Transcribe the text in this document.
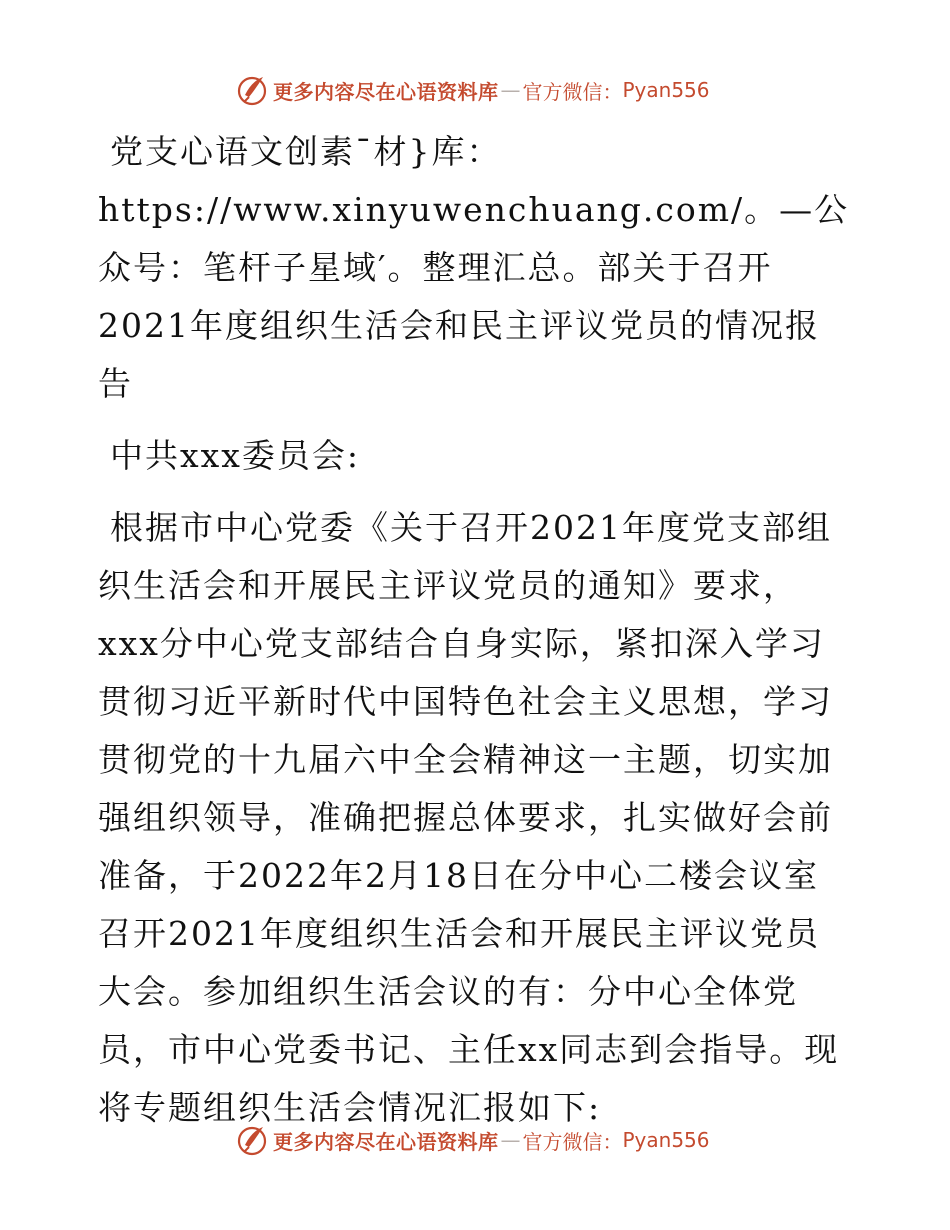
更多内容尽在心语资料库 — 官方微信： Pyan556

党支心语文创素¯材}库：https://www.xinyuwenchuang.com/。—公众号：笔杆子星域′。整理汇总。部关于召开2021年度组织生活会和民主评议党员的情况报告

中共xxx委员会:

根据市中心党委《关于召开2021年度党支部组织生活会和开展民主评议党员的通知》要求，xxx分中心党支部结合自身实际，紧扣深入学习贯彻习近平新时代中国特色社会主义思想，学习贯彻党的十九届六中全会精神这一主题，切实加强组织领导，准确把握总体要求，扎实做好会前准备，于2022年2月18日在分中心二楼会议室召开2021年度组织生活会和开展民主评议党员大会。参加组织生活会议的有：分中心全体党员，市中心党委书记、主任xx同志到会指导。现将专题组织生活会情况汇报如下:

更多内容尽在心语资料库 — 官方微信： Pyan556
